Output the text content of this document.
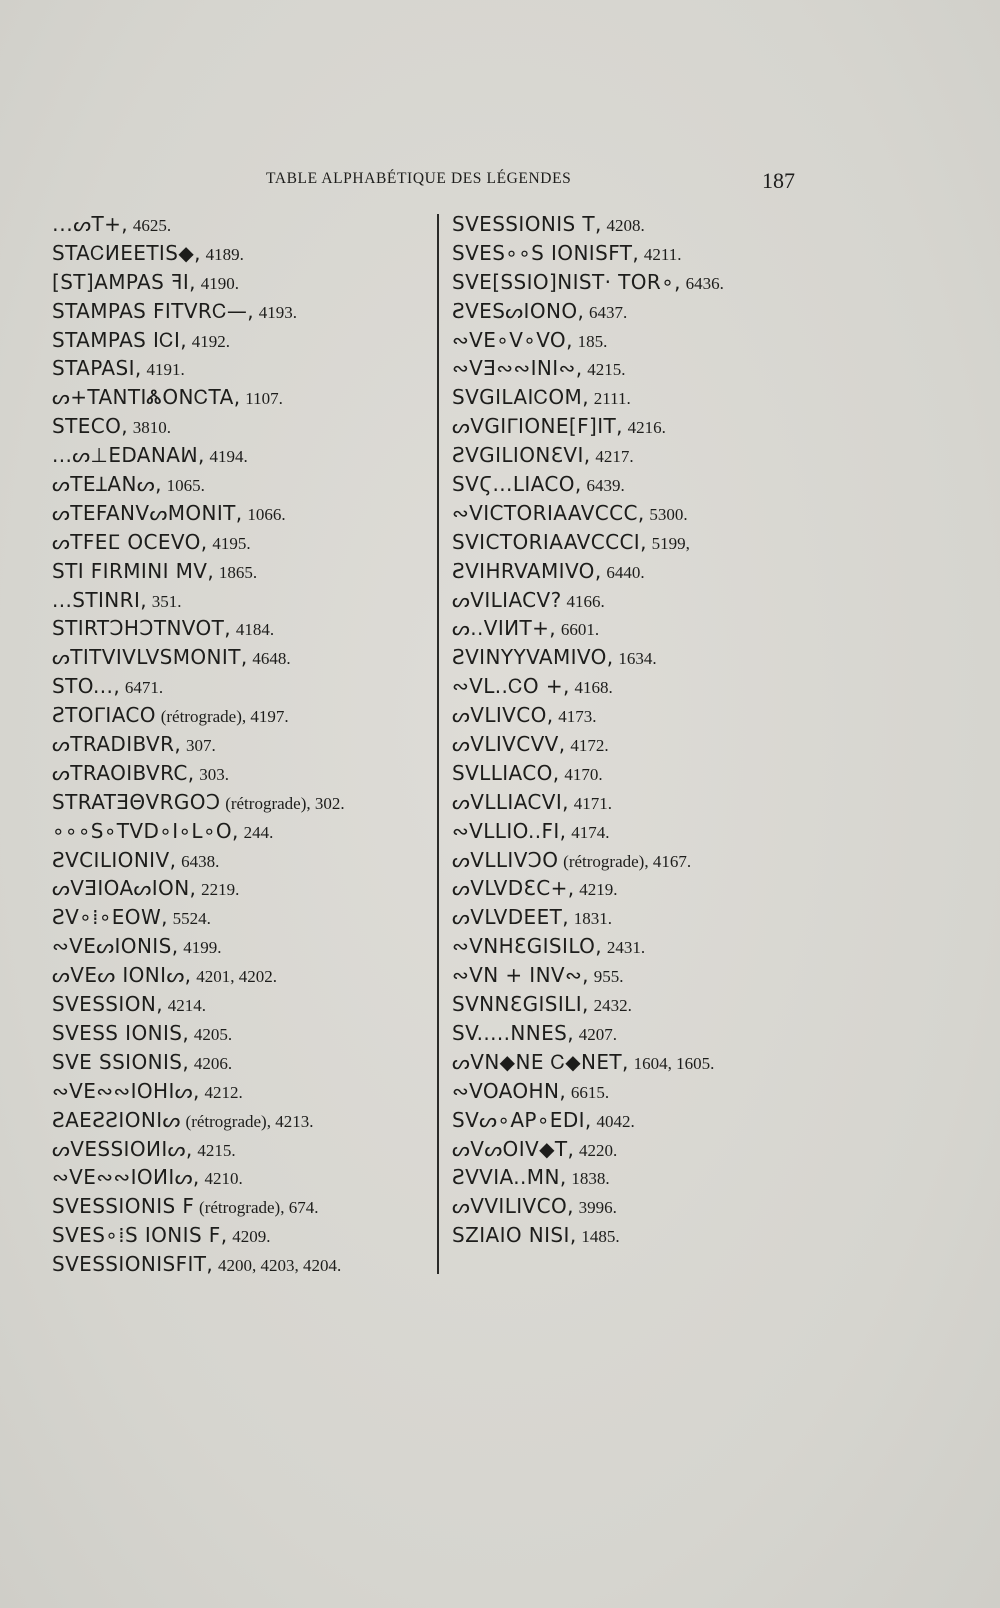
TABLE ALPHABÉTIQUE DES LÉGENDES	187
․․․ᔕT+, 4625.
STAᏟИEETIS◆, 4189.
[ST]AMPAS ꟻI, 4190.
STAMPAS FITVRᏟ—, 4193.
STAMPAS IᏟI, 4192.
STAPASI, 4191.
ᔕ+TANTIᏜONᏟTA, 1107.
STECO, 3810.
...ᔕ⊥EDANAꟽ, 4194.
ᔕTEꞱANᔕ, 1065.
ᔕTEFANVᔕMONIT, 1066.
ᔕTFEⵎ OCEVO, 4195.
STI FIRMINI MV, 1865.
...STINRI, 351.
STIRTƆHƆTNVOT, 4184.
ᔕTITVIVLVSMONIT, 4648.
STO..., 6471.
ƧTOᒥIACO (rétrograde), 4197.
ᔕTRADIBVR, 307.
ᔕTRAOIBVRC, 303.
STRATƎΘVRGOƆ (rétrograde), 302.
∘∘∘S∘TVD∘I∘L∘O, 244.
ƧVCILIONIV, 6438.
ᔕVƎIOAᔕION, 2219.
ƧV∘⁞∘EOW, 5524.
∾VEᔕIONIS, 4199.
ᔕVEᔕ IONIᔕ, 4201, 4202.
SVESSION, 4214.
SVESS IONIS, 4205.
SVE SSIONIS, 4206.
∾VE∾∾IOHIᔕ, 4212.
ƧAEƧƧIONIᔕ (rétrograde), 4213.
ᔕVESSIOИIᔕ, 4215.
∾VE∾∾IOИIᔕ, 4210.
SVESSIONIS F (rétrograde), 674.
SVES∘⁞S IONIS F, 4209.
SVESSIONISFIT, 4200, 4203, 4204.
SVESSIONIS T, 4208.
SVES∘∘S IONISFT, 4211.
SVE[SSIO]NIST· TOR∘, 6436.
ƧVESᔕIONO, 6437.
∾VE∘V∘VO, 185.
∾VƎ∾∾INI∾, 4215.
SVGILAIᏟOM, 2111.
ᔕVGIᒥIONE[F]IT, 4216.
ƧVGILIONƐVI, 4217.
SVϚ...LIACO, 6439.
∾VICTORIAAVCCC, 5300.
SVICTORIAAVCCCI, 5199,
ƧVIHRVAMIVO, 6440.
ᔕVILIACV? 4166.
ᔕ..VIИT+, 6601.
ƧVINYYVAMIVO, 1634.
∾VL..ᏟO +, 4168.
ᔕVLIVCO, 4173.
ᔕVLIVCVV, 4172.
SVLLIACO, 4170.
ᔕVLLIACVI, 4171.
∾VLLIO..FI, 4174.
ᔕVLLIVƆO (rétrograde), 4167.
ᔕVLVDƐC+, 4219.
ᔕVLVDEET, 1831.
∾VNHƐGISILO, 2431.
∾VN + INV∾, 955.
SVNNƐGISILI, 2432.
SV.....NNES, 4207.
ᔕVN◆NE Ꮯ◆NET, 1604, 1605.
∾VOAOHN, 6615.
SVᔕ∘AP∘EDI, 4042.
ᔕVᔕOIV◆T, 4220.
ƧVVIA..MN, 1838.
ᔕVVILIVCO, 3996.
SZIAIO NISI, 1485.
